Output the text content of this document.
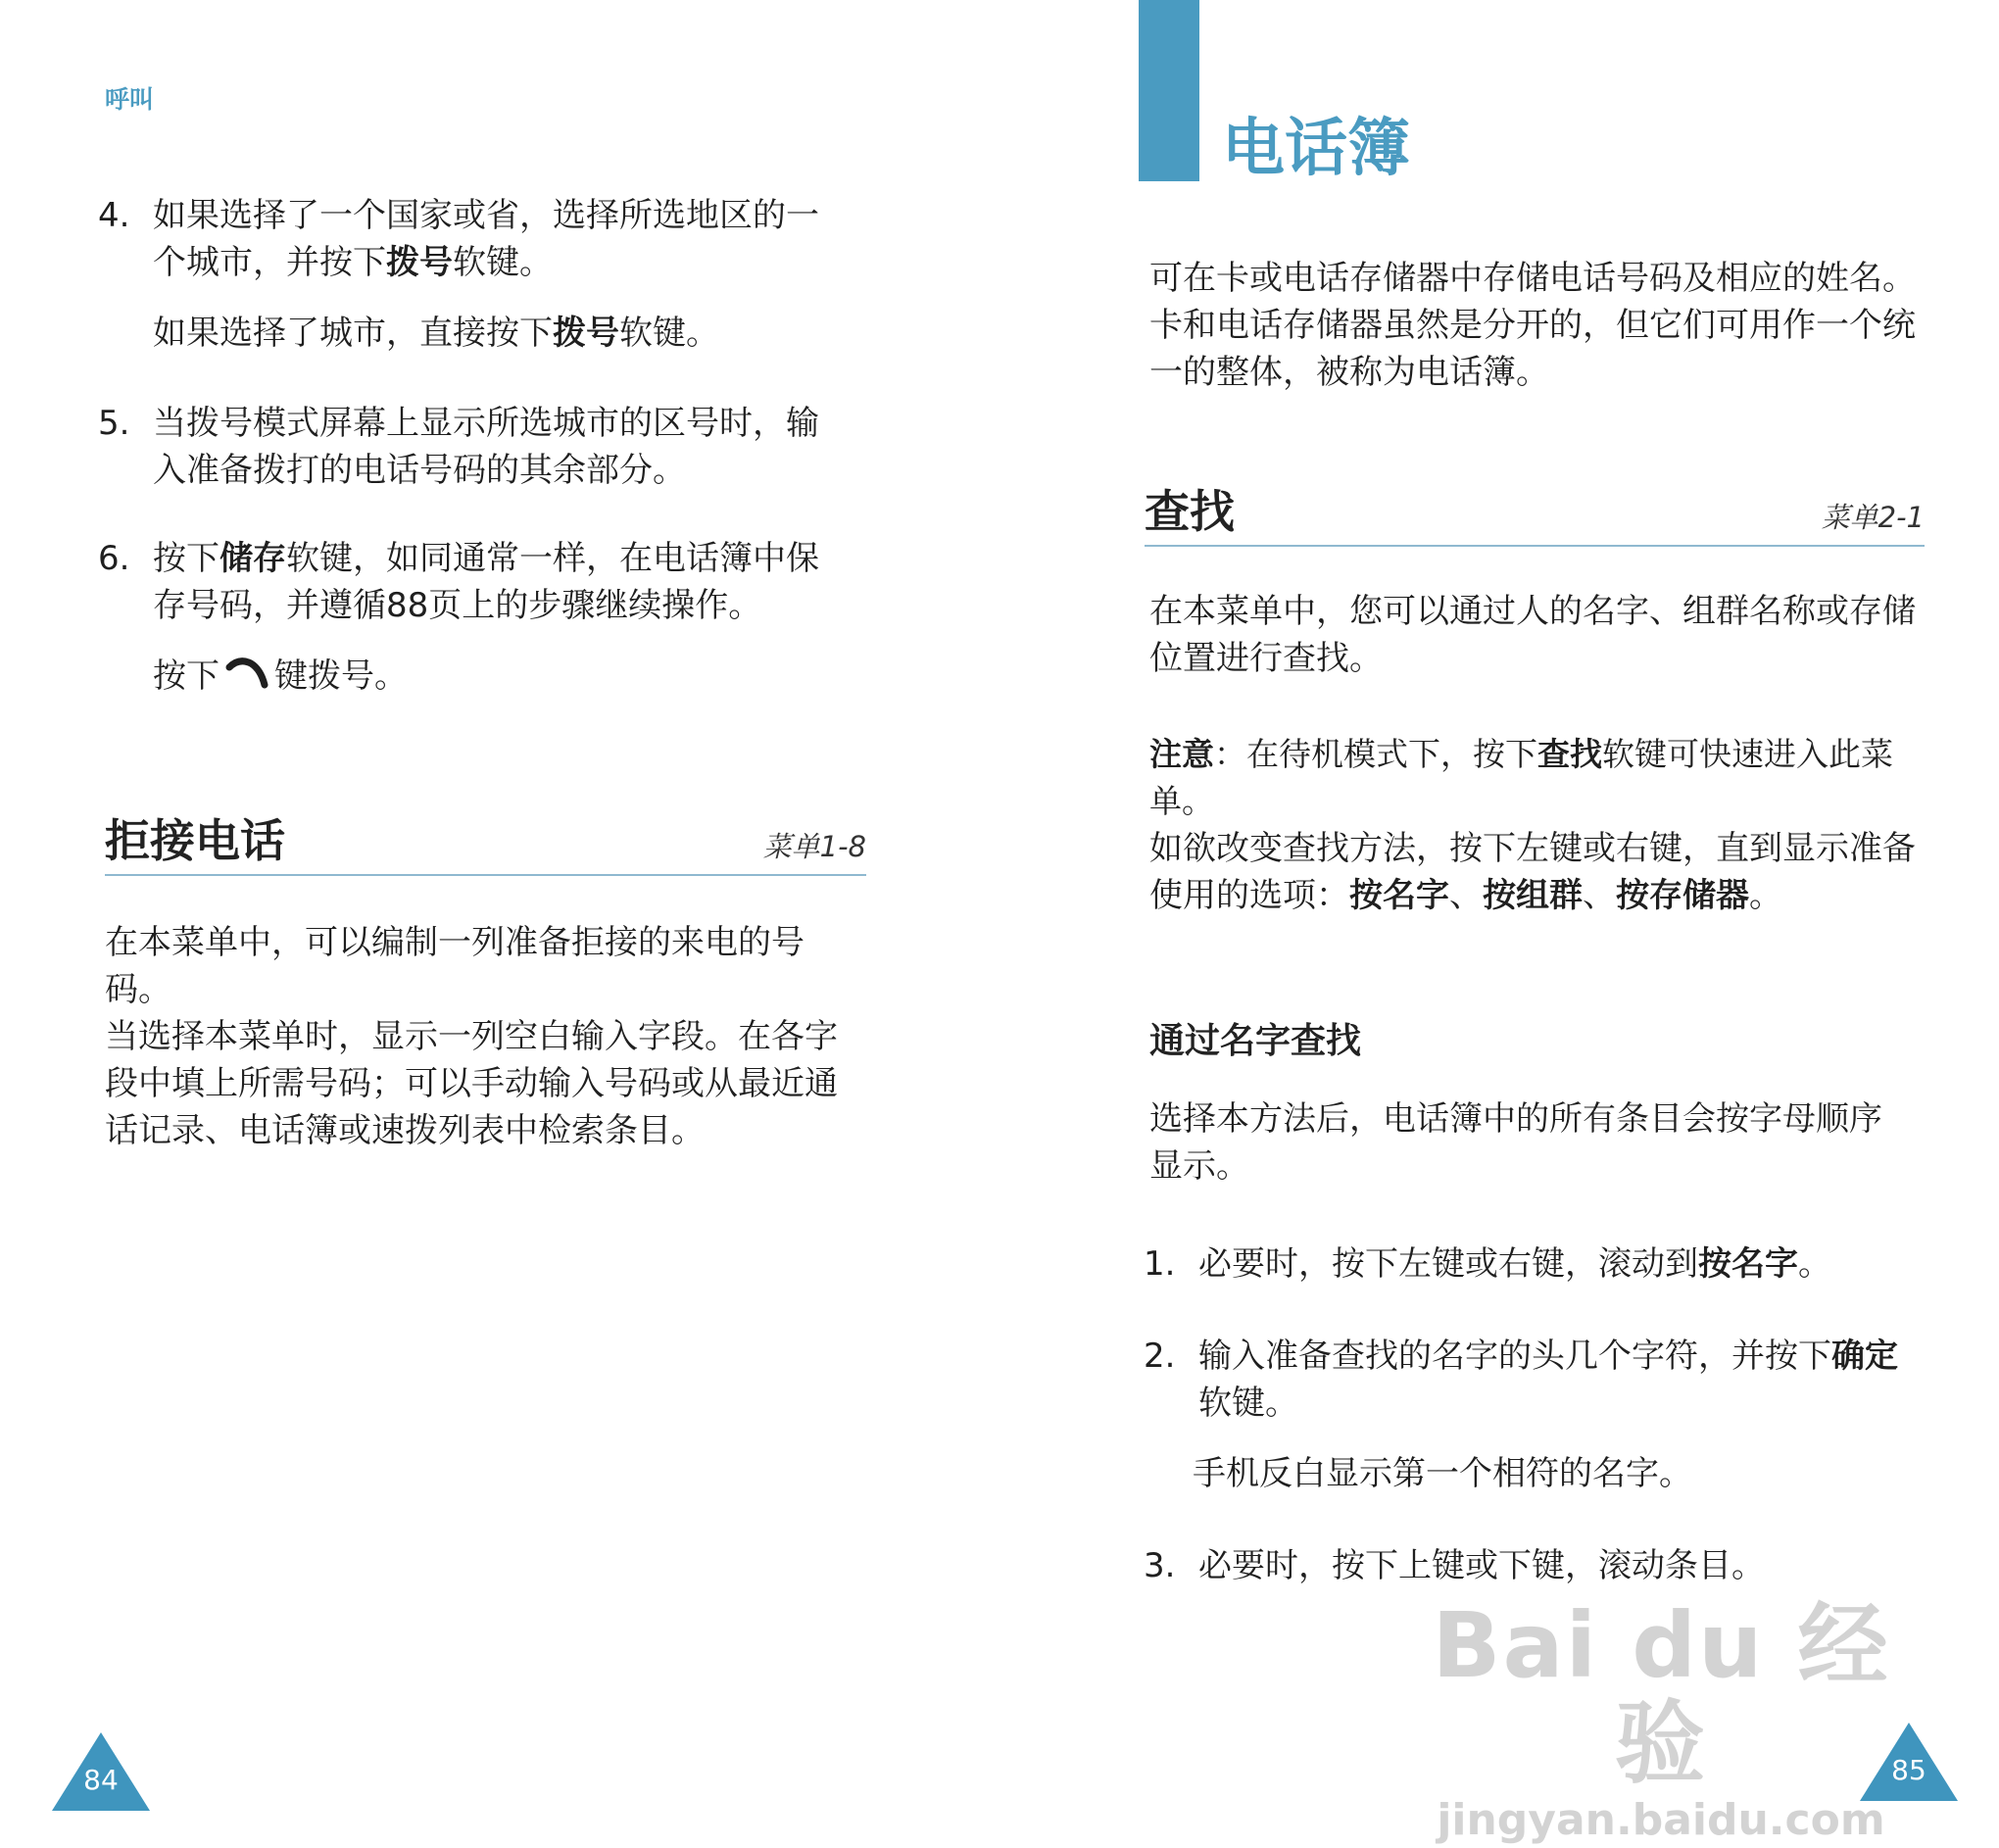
呼叫
4. 如果选择了一个国家或省，选择所选地区的一个城市，并按下拨号软键。
如果选择了城市，直接按下拨号软键。
5. 当拨号模式屏幕上显示所选城市的区号时，输入准备拨打的电话号码的其余部分。
6. 按下储存软键，如同通常一样，在电话簿中保存号码，并遵循88页上的步骤继续操作。
按下 键拨号。
拒接电话	菜单1-8

在本菜单中，可以编制一列准备拒接的来电的号码。

当选择本菜单时，显示一列空白输入字段。在各字段中填上所需号码；可以手动输入号码或从最近通话记录、电话簿或速拨列表中检索条目。

84
电话簿

可在卡或电话存储器中存储电话号码及相应的姓名。卡和电话存储器虽然是分开的，但它们可用作一个统一的整体，被称为电话簿。

查找	菜单2-1

在本菜单中，您可以通过人的名字、组群名称或存储位置进行查找。

注意：在待机模式下，按下查找软键可快速进入此菜单。

如欲改变查找方法，按下左键或右键，直到显示准备使用的选项：按名字、按组群、按存储器。

通过名字查找

选择本方法后，电话簿中的所有条目会按字母顺序显示。

1. 必要时，按下左键或右键，滚动到按名字。
2. 输入准备查找的名字的头几个字符，并按下确定软键。
手机反白显示第一个相符的名字。
3. 必要时，按下上键或下键，滚动条目。
85
Bai du 经验
jingyan.baidu.com
